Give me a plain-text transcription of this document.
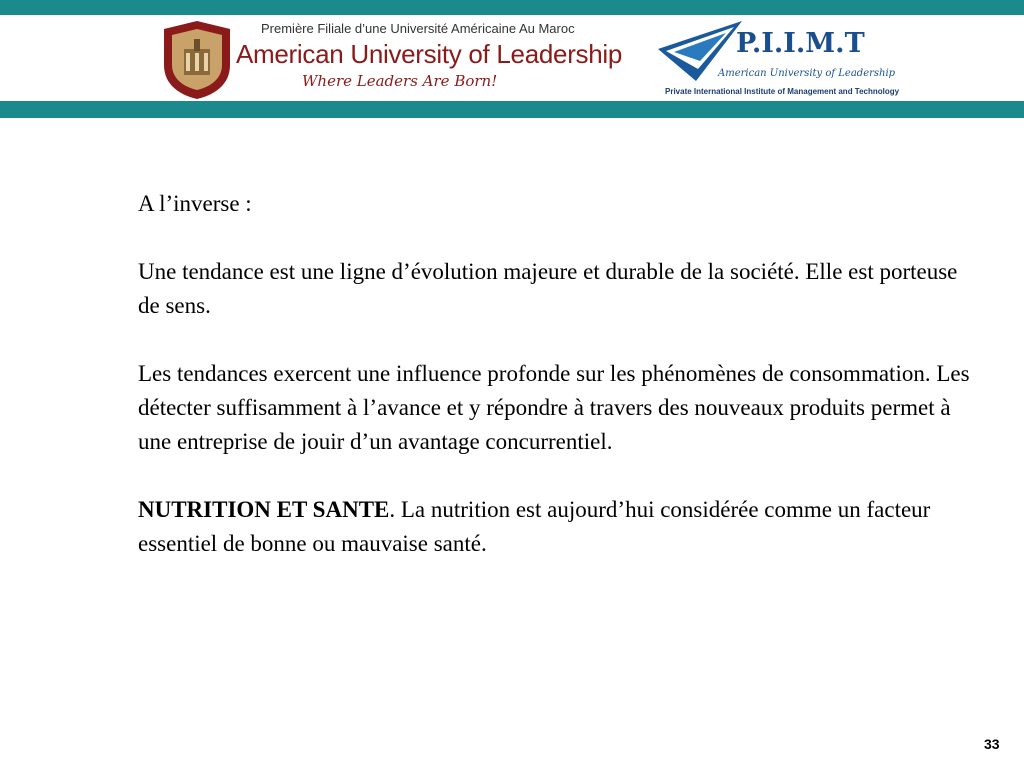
Première Filiale d’une Université Américaine Au Maroc
American University of Leadership
Where Leaders Are Born!
P.I.I.M.T
American University of Leadership
Private International Institute of Management and Technology

A l’inverse :

Une tendance est une ligne d’évolution majeure et durable de la société. Elle est porteuse de sens.

Les tendances exercent une influence profonde sur les phénomènes de consommation. Les détecter suffisamment à l’avance et y répondre à travers des nouveaux produits permet à une entreprise de jouir d’un avantage concurrentiel.

NUTRITION ET SANTE. La nutrition est aujourd’hui considérée comme un facteur essentiel de bonne ou mauvaise santé.

33
